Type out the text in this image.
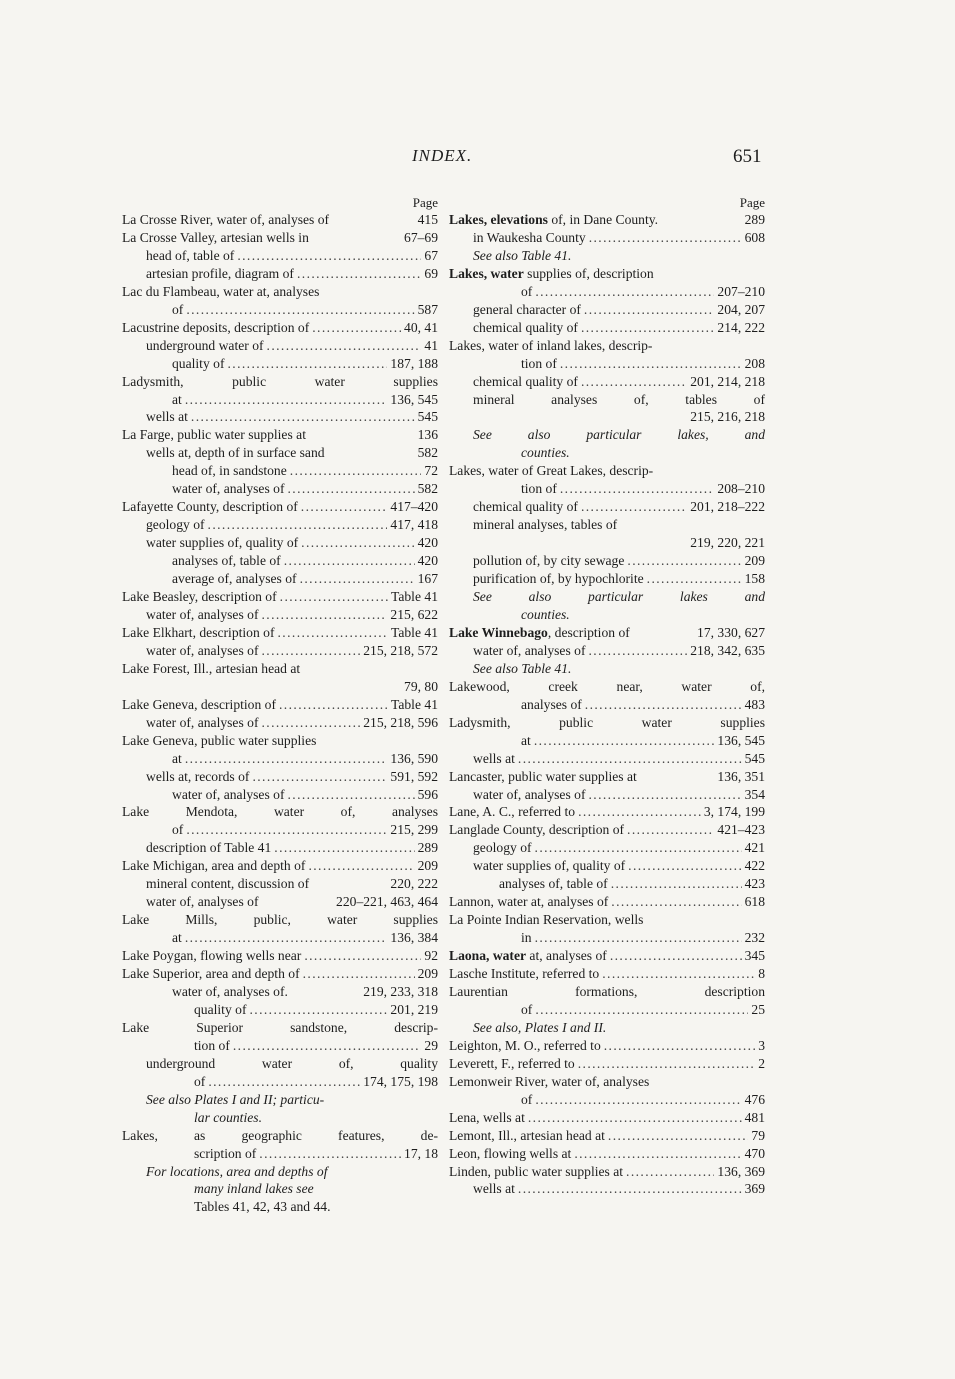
INDEX.	651
Page
La Crosse River, water of, analyses of	415
La Crosse Valley, artesian wells in	67–69
head of, table of . . .	67
artesian profile, diagram of . . .	69
Lac du Flambeau, water at, analyses
of . . .	587
Lacustrine deposits, description of . . .	40, 41
underground water of . . .	41
quality of . . .	187, 188
Ladysmith, public water supplies
at . . .	136, 545
wells at . . .	545
La Farge, public water supplies at	136
wells at, depth of in surface sand	582
head of, in sandstone . . .	72
water of, analyses of . . .	582
Lafayette County, description of . . .	417–420
geology of . . .	417, 418
water supplies of, quality of . . .	420
analyses of, table of . . .	420
average of, analyses of . . .	167
Lake Beasley, description of . . .	Table 41
water of, analyses of . . .	215, 622
Lake Elkhart, description of . . .	Table 41
water of, analyses of . . .	215, 218, 572
Lake Forest, Ill., artesian head at
79, 80
Lake Geneva, description of . . .	Table 41
water of, analyses of . . .	215, 218, 596
Lake Geneva, public water supplies
at . . .	136, 590
wells at, records of . . .	591, 592
water of, analyses of . . .	596
Lake Mendota, water of, analyses
of . . .	215, 299
description of Table 41 . . .	289
Lake Michigan, area and depth of . . .	209
mineral content, discussion of	220, 222
water of, analyses of	220–221, 463, 464
Lake Mills, public, water supplies
at . . .	136, 384
Lake Poygan, flowing wells near . . .	92
Lake Superior, area and depth of . . .	209
water of, analyses of.	219, 233, 318
quality of . . .	201, 219
Lake Superior sandstone, descrip-
tion of . . .	29
underground water of, quality
of . . .	174, 175, 198
See also Plates I and II; particu-
lar counties.
Lakes, as geographic features, de-
scription of . . .	17, 18
For locations, area and depths of
many inland lakes see
Tables 41, 42, 43 and 44.
Page
Lakes, elevations of, in Dane County.	289
in Waukesha County . . .	608
See also Table 41.
Lakes, water supplies of, description
of . . .	207–210
general character of . . .	204, 207
chemical quality of . . .	214, 222
Lakes, water of inland lakes, descrip-
tion of . . .	208
chemical quality of . . .	201, 214, 218
mineral analyses of, tables of
215, 216, 218
See also particular lakes, and
counties.
Lakes, water of Great Lakes, descrip-
tion of . . .	208–210
chemical quality of . . .	201, 218–222
mineral analyses, tables of
219, 220, 221
pollution of, by city sewage . . .	209
purification of, by hypochlorite . . .	158
See also particular lakes and
counties.
Lake Winnebago, description of	17, 330, 627
water of, analyses of . . .	218, 342, 635
See also Table 41.
Lakewood, creek near, water of,
analyses of . . .	483
Ladysmith, public water supplies
at . . .	136, 545
wells at . . .	545
Lancaster, public water supplies at	136, 351
water of, analyses of . . .	354
Lane, A. C., referred to . . .	3, 174, 199
Langlade County, description of . . .	421–423
geology of . . .	421
water supplies of, quality of . . .	422
analyses of, table of . . .	423
Lannon, water at, analyses of . . .	618
La Pointe Indian Reservation, wells
in . . .	232
Laona, water at, analyses of . . .	345
Lasche Institute, referred to . . .	8
Laurentian formations, description
of . . .	25
See also, Plates I and II.
Leighton, M. O., referred to . . .	3
Leverett, F., referred to . . .	2
Lemonweir River, water of, analyses
of . . .	476
Lena, wells at . . .	481
Lemont, Ill., artesian head at . . .	79
Leon, flowing wells at . . .	470
Linden, public water supplies at . . .	136, 369
wells at . . .	369
